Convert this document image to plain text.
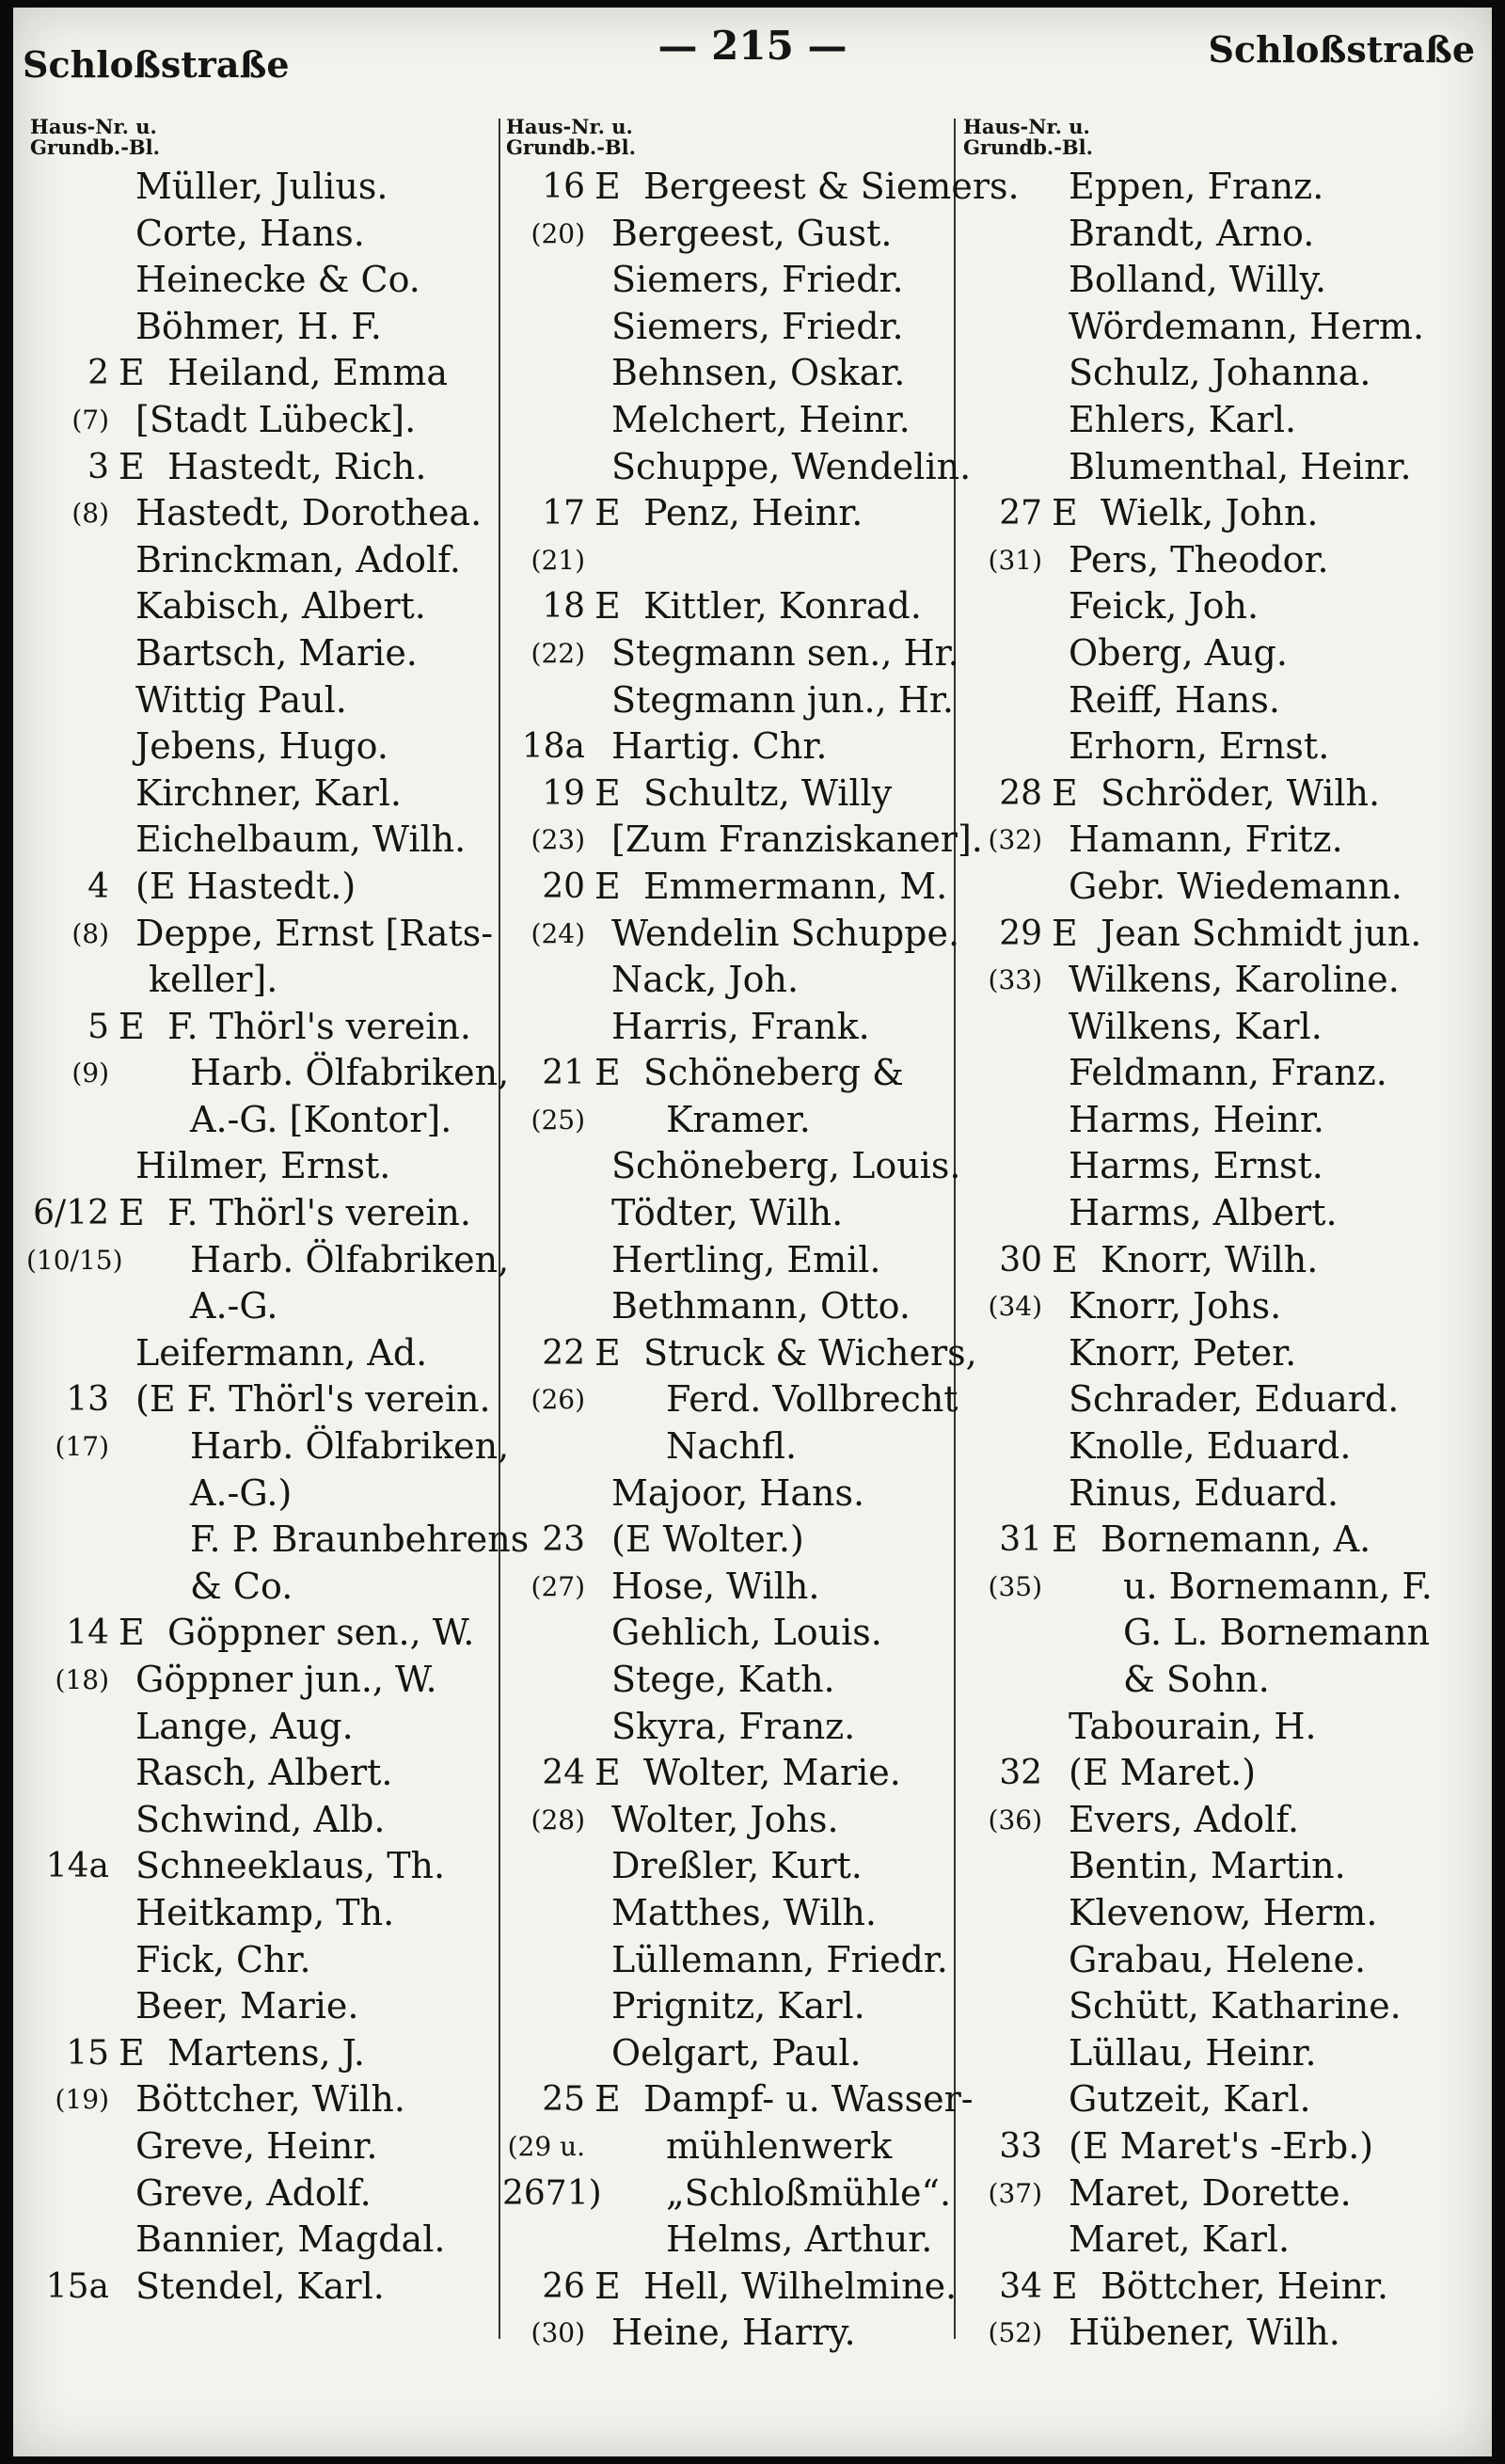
Schloßstraße	— 215 —	Schloßstraße
Haus-Nr. u.
Grundb.-Bl.
Müller, Julius.
Corte, Hans.
Heinecke & Co.
Böhmer, H. F.
2 E Heiland, Emma
(7) [Stadt Lübeck].
3 E Hastedt, Rich.
(8) Hastedt, Dorothea.
Brinckman, Adolf.
Kabisch, Albert.
Bartsch, Marie.
Wittig Paul.
Jebens, Hugo.
Kirchner, Karl.
Eichelbaum, Wilh.
4 (E Hastedt.)
(8) Deppe, Ernst [Rats-
keller].
5 E F. Thörl's verein.
(9) Harb. Ölfabriken,
A.-G. [Kontor].
Hilmer, Ernst.
6/12 E F. Thörl's verein.
(10/15) Harb. Ölfabriken,
A.-G.
Leifermann, Ad.
13 (E F. Thörl's verein.
(17) Harb. Ölfabriken,
A.-G.)
F. P. Braunbehrens
& Co.
14 E Göppner sen., W.
(18) Göppner jun., W.
Lange, Aug.
Rasch, Albert.
Schwind, Alb.
14a Schneeklaus, Th.
Heitkamp, Th.
Fick, Chr.
Beer, Marie.
15 E Martens, J.
(19) Böttcher, Wilh.
Greve, Heinr.
Greve, Adolf.
Bannier, Magdal.
15a Stendel, Karl.
Haus-Nr. u.
Grundb.-Bl.
16 E Bergeest & Siemers.
(20) Bergeest, Gust.
Siemers, Friedr.
Siemers, Friedr.
Behnsen, Oskar.
Melchert, Heinr.
Schuppe, Wendelin.
17 E Penz, Heinr.
(21)
18 E Kittler, Konrad.
(22) Stegmann sen., Hr.
Stegmann jun., Hr.
18a Hartig. Chr.
19 E Schultz, Willy
(23) [Zum Franziskaner].
20 E Emmermann, M.
(24) Wendelin Schuppe.
Nack, Joh.
Harris, Frank.
21 E Schöneberg &
(25) Kramer.
Schöneberg, Louis.
Tödter, Wilh.
Hertling, Emil.
Bethmann, Otto.
22 E Struck & Wichers,
(26) Ferd. Vollbrecht
Nachfl.
Majoor, Hans.
23 (E Wolter.)
(27) Hose, Wilh.
Gehlich, Louis.
Stege, Kath.
Skyra, Franz.
24 E Wolter, Marie.
(28) Wolter, Johs.
Dreßler, Kurt.
Matthes, Wilh.
Lüllemann, Friedr.
Prignitz, Karl.
Oelgart, Paul.
25 E Dampf- u. Wasser-
(29 u. mühlenwerk
2671) „Schloßmühle“.
Helms, Arthur.
26 E Hell, Wilhelmine.
(30) Heine, Harry.
Haus-Nr. u.
Grundb.-Bl.
Eppen, Franz.
Brandt, Arno.
Bolland, Willy.
Wördemann, Herm.
Schulz, Johanna.
Ehlers, Karl.
Blumenthal, Heinr.
27 E Wielk, John.
(31) Pers, Theodor.
Feick, Joh.
Oberg, Aug.
Reiff, Hans.
Erhorn, Ernst.
28 E Schröder, Wilh.
(32) Hamann, Fritz.
Gebr. Wiedemann.
29 E Jean Schmidt jun.
(33) Wilkens, Karoline.
Wilkens, Karl.
Feldmann, Franz.
Harms, Heinr.
Harms, Ernst.
Harms, Albert.
30 E Knorr, Wilh.
(34) Knorr, Johs.
Knorr, Peter.
Schrader, Eduard.
Knolle, Eduard.
Rinus, Eduard.
31 E Bornemann, A.
(35) u. Bornemann, F.
G. L. Bornemann
& Sohn.
Tabourain, H.
32 (E Maret.)
(36) Evers, Adolf.
Bentin, Martin.
Klevenow, Herm.
Grabau, Helene.
Schütt, Katharine.
Lüllau, Heinr.
Gutzeit, Karl.
33 (E Maret's -Erb.)
(37) Maret, Dorette.
Maret, Karl.
34 E Böttcher, Heinr.
(52) Hübener, Wilh.
